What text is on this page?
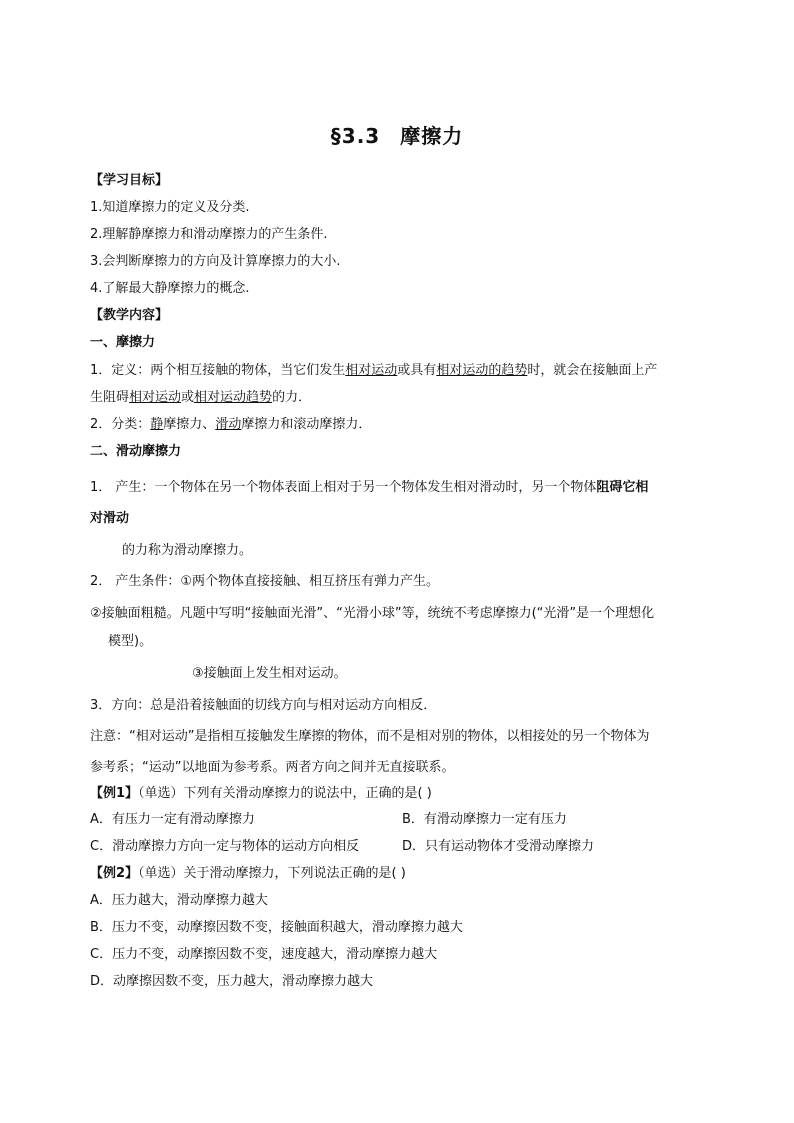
§3.3 摩擦力
【学习目标】
1.知道摩擦力的定义及分类.
2.理解静摩擦力和滑动摩擦力的产生条件.
3.会判断摩擦力的方向及计算摩擦力的大小.
4.了解最大静摩擦力的概念.
【教学内容】
一、摩擦力
1．定义：两个相互接触的物体，当它们发生相对运动或具有相对运动的趋势时，就会在接触面上产
生阻碍相对运动或相对运动趋势的力．
2．分类：静摩擦力、滑动摩擦力和滚动摩擦力．
二、滑动摩擦力
1． 产生：一个物体在另一个物体表面上相对于另一个物体发生相对滑动时，另一个物体阻碍它相
对滑动
的力称为滑动摩擦力。
2． 产生条件：①两个物体直接接触、相互挤压有弹力产生。
②接触面粗糙。凡题中写明“接触面光滑”、“光滑小球”等，统统不考虑摩擦力(“光滑”是一个理想化
模型)。
③接触面上发生相对运动。
3．方向：总是沿着接触面的切线方向与相对运动方向相反．
注意：“相对运动”是指相互接触发生摩擦的物体，而不是相对别的物体，以相接处的另一个物体为
参考系；“运动”以地面为参考系。两者方向之间并无直接联系。
【例1】（单选）下列有关滑动摩擦力的说法中，正确的是( )
A．有压力一定有滑动摩擦力	B．有滑动摩擦力一定有压力
C．滑动摩擦力方向一定与物体的运动方向相反	D．只有运动物体才受滑动摩擦力
【例2】（单选）关于滑动摩擦力，下列说法正确的是( )
A．压力越大，滑动摩擦力越大
B．压力不变，动摩擦因数不变，接触面积越大，滑动摩擦力越大
C．压力不变，动摩擦因数不变，速度越大，滑动摩擦力越大
D．动摩擦因数不变，压力越大，滑动摩擦力越大
